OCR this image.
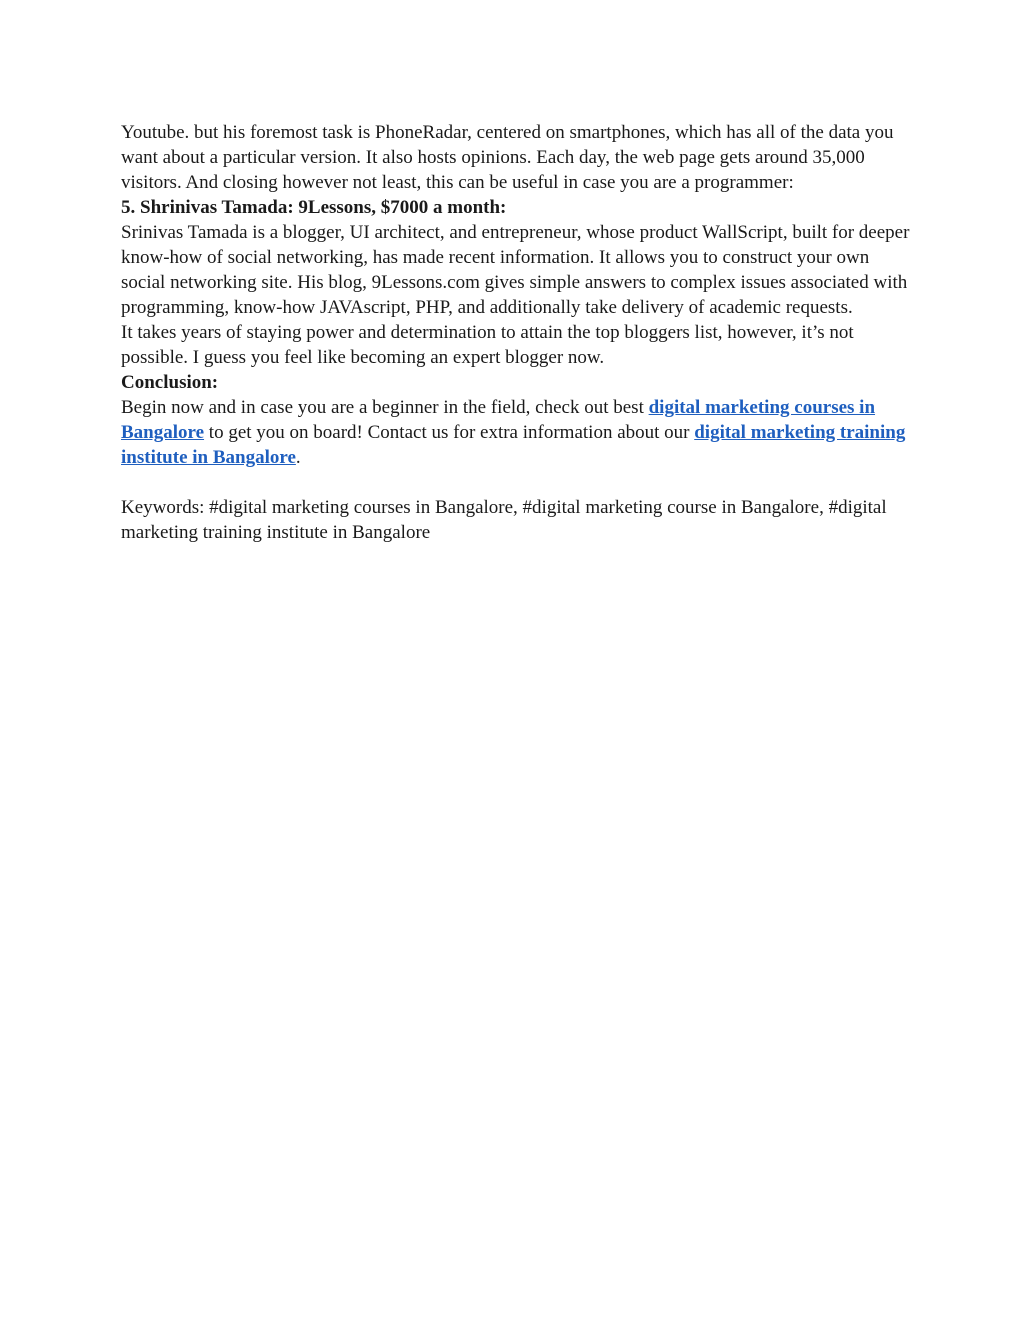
Youtube. but his foremost task is PhoneRadar, centered on smartphones, which has all of the data you want about a particular version. It also hosts opinions. Each day, the web page gets around 35,000 visitors. And closing however not least, this can be useful in case you are a programmer:

5. Shrinivas Tamada: 9Lessons, $7000 a month:

Srinivas Tamada is a blogger, UI architect, and entrepreneur, whose product WallScript, built for deeper know-how of social networking, has made recent information. It allows you to construct your own social networking site. His blog, 9Lessons.com gives simple answers to complex issues associated with programming, know-how JAVAscript, PHP, and additionally take delivery of academic requests.

It takes years of staying power and determination to attain the top bloggers list, however, it’s not possible. I guess you feel like becoming an expert blogger now.

Conclusion:

Begin now and in case you are a beginner in the field, check out best digital marketing courses in Bangalore to get you on board! Contact us for extra information about our digital marketing training institute in Bangalore.

Keywords: #digital marketing courses in Bangalore, #digital marketing course in Bangalore, #digital marketing training institute in Bangalore
